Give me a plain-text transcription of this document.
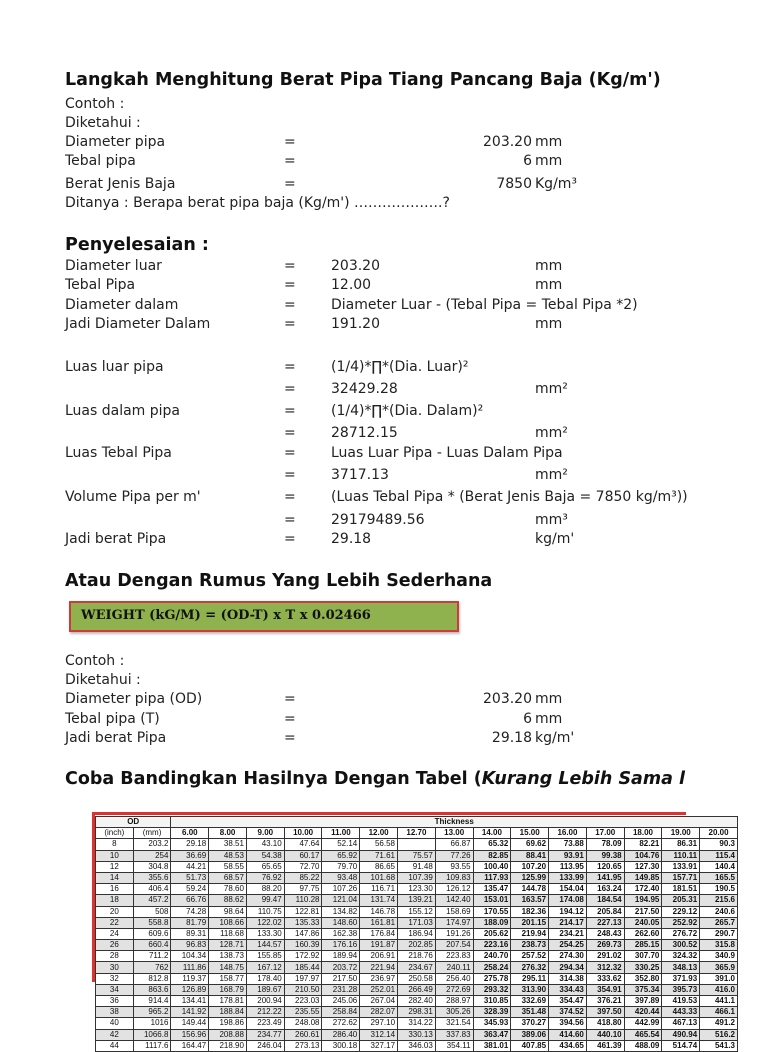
Langkah Menghitung Berat Pipa Tiang Pancang Baja (Kg/m')
Contoh :
Diketahui :
Diameter pipa	=	203.20 mm
Tebal pipa	=	6 mm
Berat Jenis Baja	=	7850 Kg/m³
Ditanya : Berapa berat pipa baja (Kg/m') ……………….?
Penyelesaian :
Diameter luar	=	203.20	mm
Tebal Pipa	=	12.00	mm
Diameter dalam	=	Diameter Luar - (Tebal Pipa = Tebal Pipa *2)
Jadi Diameter Dalam	=	191.20	mm
Luas luar pipa	=	(1/4)*∏*(Dia. Luar)²
=	32429.28	mm²
Luas dalam pipa	=	(1/4)*∏*(Dia. Dalam)²
=	28712.15	mm²
Luas Tebal Pipa	=	Luas Luar Pipa - Luas Dalam Pipa
=	3717.13	mm²
Volume Pipa per m'	=	(Luas Tebal Pipa * (Berat Jenis Baja = 7850 kg/m³))
=	29179489.56	mm³
Jadi berat Pipa	=	29.18	kg/m'
Atau Dengan Rumus Yang Lebih Sederhana
WEIGHT (kG/M) = (OD-T) x T x 0.02466
Contoh :
Diketahui :
Diameter pipa (OD)	=	203.20 mm
Tebal pipa (T)	=	6 mm
Jadi berat Pipa	=	29.18 kg/m'
Coba Bandingkan Hasilnya Dengan Tabel (Kurang Lebih Sama l
OD		Thickness														
(inch)	(mm)	6.00	8.00	9.00	10.00	11.00	12.00	12.70	13.00	14.00	15.00	16.00	17.00	18.00	19.00	20.00
8	203.2	29.18	38.51	43.10	47.64	52.14	56.58		66.87	65.32	69.62	73.88	78.09	82.21	86.31	90.3
10	254	36.69	48.53	54.38	60.17	65.92	71.61	75.57	77.26	82.85	88.41	93.91	99.38	104.76	110.11	115.4
12	304.8	44.21	58.55	65.65	72.70	79.70	86.65	91.48	93.55	100.40	107.20	113.95	120.65	127.30	133.91	140.4
14	355.6	51.73	68.57	76.92	85.22	93.48	101.68	107.39	109.83	117.93	125.99	133.99	141.95	149.85	157.71	165.5
16	406.4	59.24	78.60	88.20	97.75	107.26	116.71	123.30	126.12	135.47	144.78	154.04	163.24	172.40	181.51	190.5
18	457.2	66.76	88.62	99.47	110.28	121.04	131.74	139.21	142.40	153.01	163.57	174.08	184.54	194.95	205.31	215.6
20	508	74.28	98.64	110.75	122.81	134.82	146.78	155.12	158.69	170.55	182.36	194.12	205.84	217.50	229.12	240.6
22	558.8	81.79	108.66	122.02	135.33	148.60	161.81	171.03	174.97	188.09	201.15	214.17	227.13	240.05	252.92	265.7
24	609.6	89.31	118.68	133.30	147.86	162.38	176.84	186.94	191.26	205.62	219.94	234.21	248.43	262.60	276.72	290.7
26	660.4	96.83	128.71	144.57	160.39	176.16	191.87	202.85	207.54	223.16	238.73	254.25	269.73	285.15	300.52	315.8
28	711.2	104.34	138.73	155.85	172.92	189.94	206.91	218.76	223.83	240.70	257.52	274.30	291.02	307.70	324.32	340.9
30	762	111.86	148.75	167.12	185.44	203.72	221.94	234.67	240.11	258.24	276.32	294.34	312.32	330.25	348.13	365.9
32	812.8	119.37	158.77	178.40	197.97	217.50	236.97	250.58	256.40	275.78	295.11	314.38	333.62	352.80	371.93	391.0
34	863.6	126.89	168.79	189.67	210.50	231.28	252.01	266.49	272.69	293.32	313.90	334.43	354.91	375.34	395.73	416.0
36	914.4	134.41	178.81	200.94	223.03	245.06	267.04	282.40	288.97	310.85	332.69	354.47	376.21	397.89	419.53	441.1
38	965.2	141.92	188.84	212.22	235.55	258.84	282.07	298.31	305.26	328.39	351.48	374.52	397.50	420.44	443.33	466.1
40	1016	149.44	198.86	223.49	248.08	272.62	297.10	314.22	321.54	345.93	370.27	394.56	418.80	442.99	467.13	491.2
42	1066.8	156.96	208.88	234.77	260.61	286.40	312.14	330.13	337.83	363.47	389.06	414.60	440.10	465.54	490.94	516.2
44	1117.6	164.47	218.90	246.04	273.13	300.18	327.17	346.03	354.11	381.01	407.85	434.65	461.39	488.09	514.74	541.3
